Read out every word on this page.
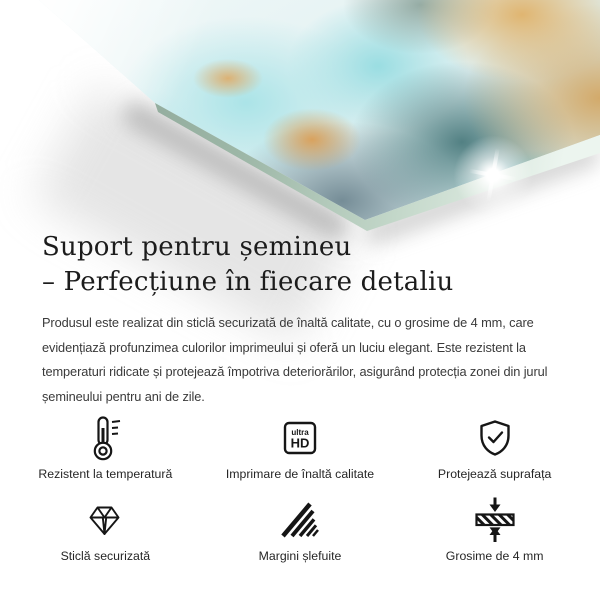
Suport pentru șemineu
– Perfecțiune în fiecare detaliu

Produsul este realizat din sticlă securizată de înaltă calitate, cu o grosime de 4 mm, care evidențiază profunzimea culorilor imprimeului și oferă un luciu elegant. Este rezistent la temperaturi ridicate și protejează împotriva deteriorărilor, asigurând protecția zonei din jurul șemineului pentru ani de zile.

Rezistent la temperatură
ultra
HD
Imprimare de înaltă calitate	Protejează suprafața
Sticlă securizată	Margini șlefuite	Grosime de 4 mm
